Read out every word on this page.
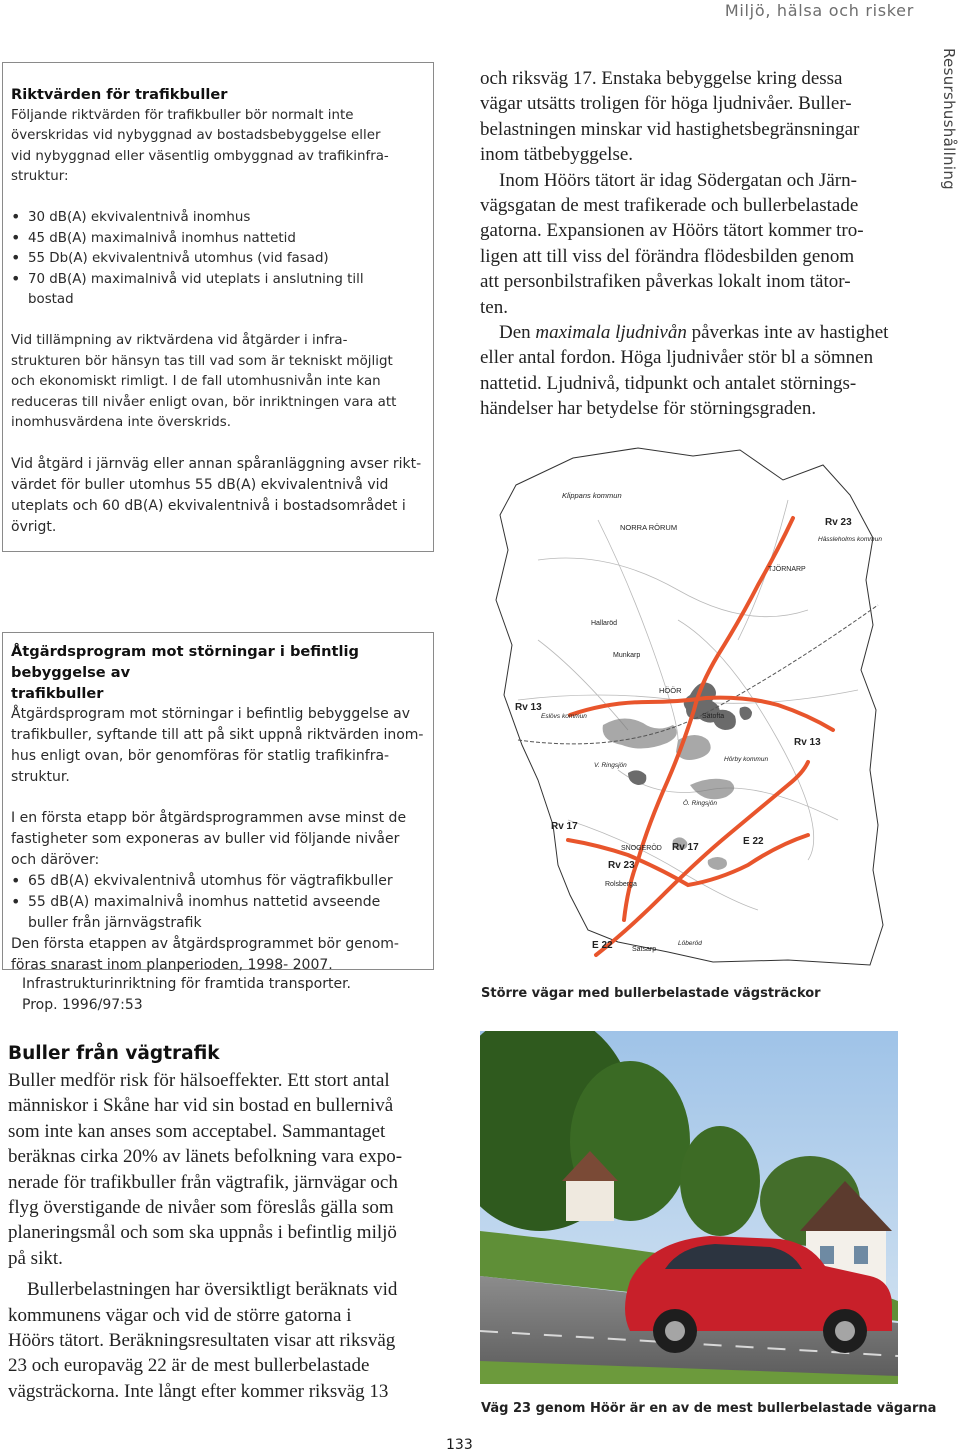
Miljö, hälsa och risker
Resurshushållning
Riktvärden för trafikbuller
Följande riktvärden för trafikbuller bör normalt inte
överskridas vid nybyggnad av bostadsbebyggelse eller
vid nybyggnad eller väsentlig ombyggnad av trafikinfra-
struktur:
• 30 dB(A) ekvivalentnivå inomhus
• 45 dB(A) maximalnivå inomhus nattetid
• 55 Db(A) ekvivalentnivå utomhus (vid fasad)
• 70 dB(A) maximalnivå vid uteplats i anslutning till bostad
Vid tillämpning av riktvärdena vid åtgärder i infra-
strukturen bör hänsyn tas till vad som är tekniskt möjligt
och ekonomiskt rimligt. I de fall utomhusnivån inte kan
reduceras till nivåer enligt ovan, bör inriktningen vara att
inomhusvärdena inte överskrids.
Vid åtgärd i järnväg eller annan spåranläggning avser rikt-
värdet för buller utomhus 55 dB(A) ekvivalentnivå vid
uteplats och 60 dB(A) ekvivalentnivå i bostadsområdet i
övrigt.
Åtgärdsprogram mot störningar i befintlig bebyggelse av
trafikbuller
Åtgärdsprogram mot störningar i befintlig bebyggelse av
trafikbuller, syftande till att på sikt uppnå riktvärden inom-
hus enligt ovan, bör genomföras för statlig trafikinfra-
struktur.
I en första etapp bör åtgärdsprogrammen avse minst de
fastigheter som exponeras av buller vid följande nivåer
och däröver:
• 65 dB(A) ekvivalentnivå utomhus för vägtrafikbuller
• 55 dB(A) maximalnivå inomhus nattetid avseende buller från järnvägstrafik
Den första etappen av åtgärdsprogrammet bör genom-
föras snarast inom planperioden, 1998- 2007.
Infrastrukturinriktning för framtida transporter.
Prop. 1996/97:53
Buller från vägtrafik
Buller medför risk för hälsoeffekter. Ett stort antal
människor i Skåne har vid sin bostad en bullernivå
som inte kan anses som acceptabel. Sammantaget
beräknas cirka 20% av länets befolkning vara expo-
nerade för trafikbuller från vägtrafik, järnvägar och
flyg överstigande de nivåer som föreslås gälla som
planeringsmål och som ska uppnås i befintlig miljö
på sikt.
Bullerbelastningen har översiktligt beräknats vid
kommunens vägar och vid de större gatorna i
Höörs tätort. Beräkningsresultaten visar att riksväg
23 och europaväg 22 är de mest bullerbelastade
vägsträckorna. Inte långt efter kommer riksväg 13
och riksväg 17. Enstaka bebyggelse kring dessa
vägar utsätts troligen för höga ljudnivåer. Buller-
belastningen minskar vid hastighetsbegränsningar
inom tätbebyggelse.
Inom Höörs tätort är idag Södergatan och Järn-
vägsgatan de mest trafikerade och bullerbelastade
gatorna. Expansionen av Höörs tätort kommer tro-
ligen att till viss del förändra flödesbilden genom
att personbilstrafiken påverkas lokalt inom tätor-
ten.
Den maximala ljudnivån påverkas inte av hastighet
eller antal fordon. Höga ljudnivåer stör bl a sömnen
nattetid. Ljudnivå, tidpunkt och antalet störnings-
händelser har betydelse för störningsgraden.
Klippans kommun
NORRA RÖRUM	Rv 23
Hässleholms kommun
TJÖRNARP
Hallaröd
Munkarp
Rv 13
Eslövs kommun
HÖÖR
Sätofta
Rv 13
Hörby kommun
V. Ringsjön
Ö. Ringsjön
Rv 17
SNOGERÖD Rv 17
E 22
Rv 23
Rolsberga
E 22	Satsarp
Löberöd
Större vägar med bullerbelastade vägsträckor
Väg 23 genom Höör är en av de mest bullerbelastade vägarna
133
